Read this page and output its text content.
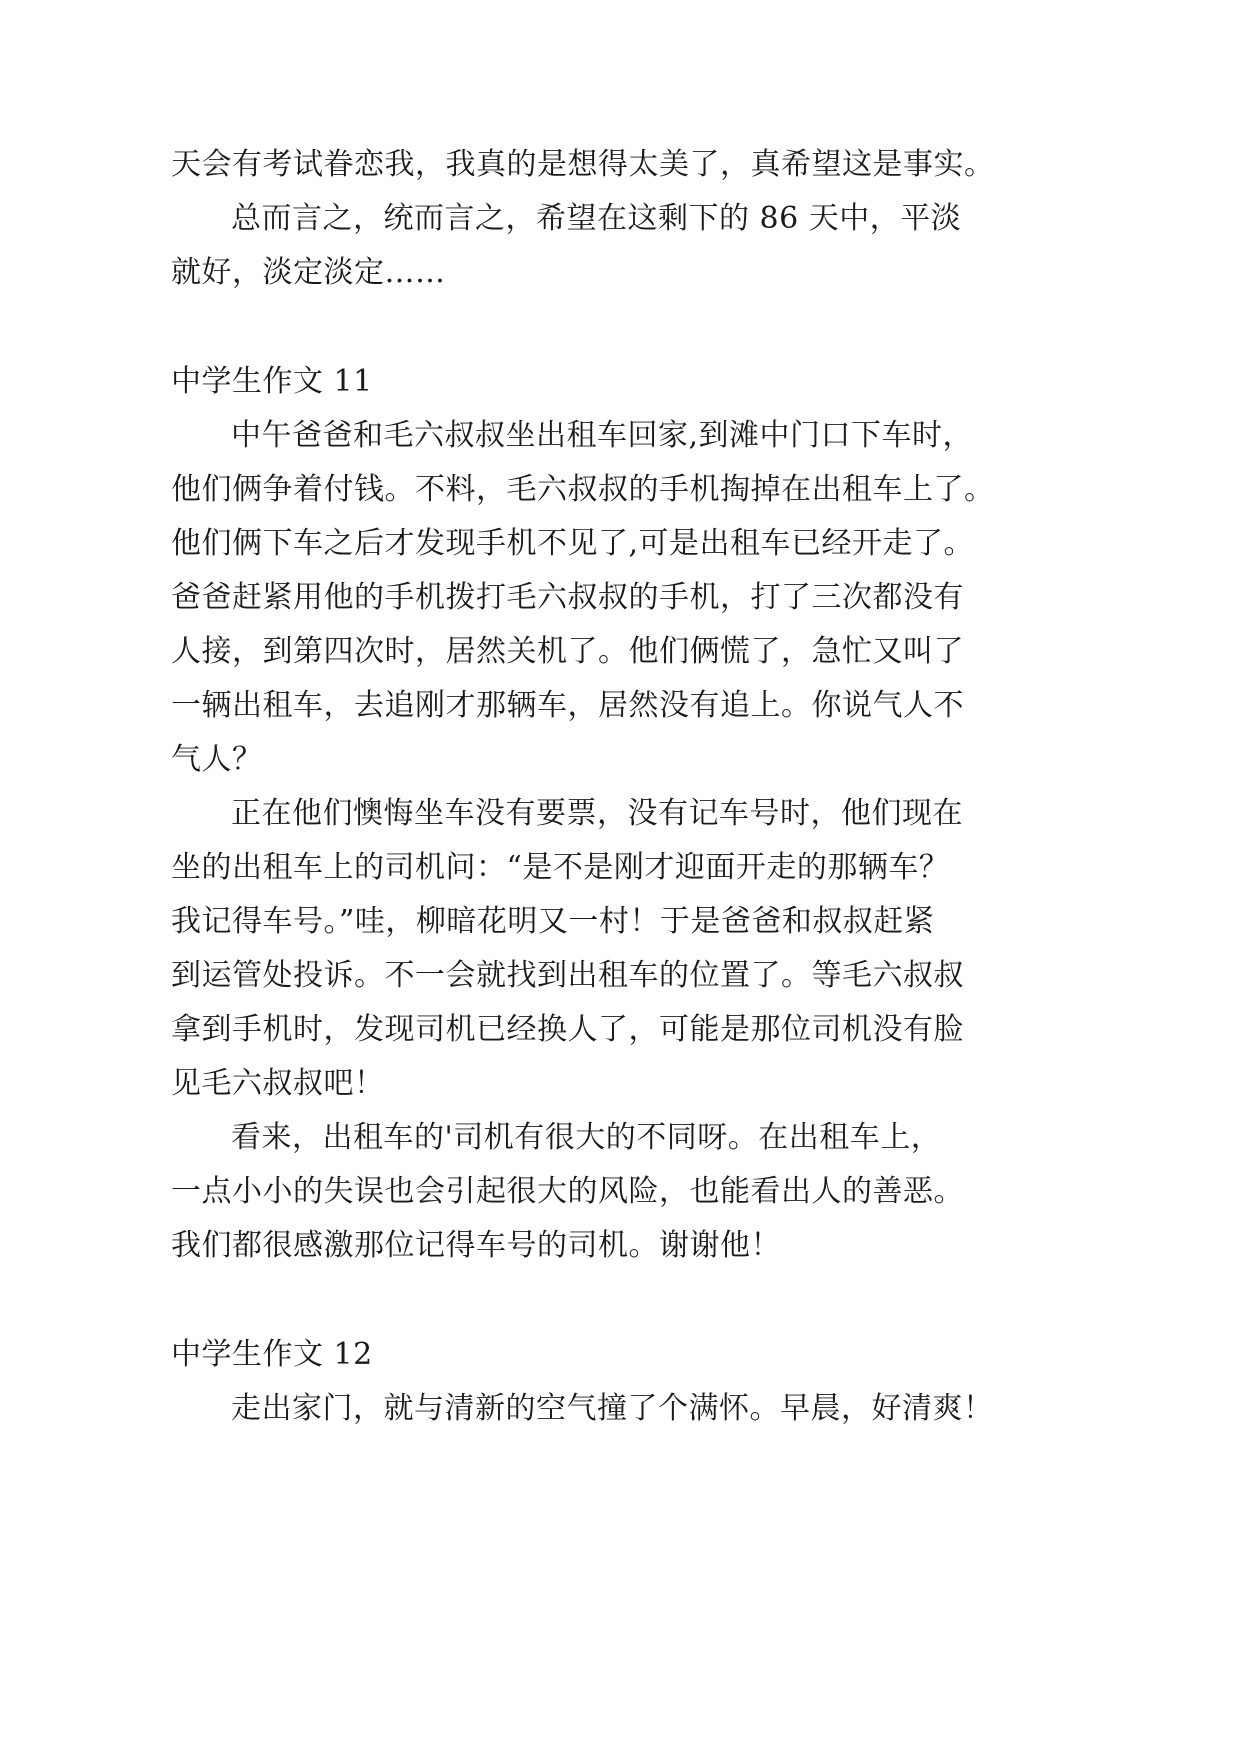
天会有考试眷恋我，我真的是想得太美了，真希望这是事实。
总而言之，统而言之，希望在这剩下的 86 天中，平淡
就好，淡定淡定……
中学生作文 11
中午爸爸和毛六叔叔坐出租车回家,到滩中门口下车时，
他们俩争着付钱。不料，毛六叔叔的手机掏掉在出租车上了。
他们俩下车之后才发现手机不见了,可是出租车已经开走了。
爸爸赶紧用他的手机拨打毛六叔叔的手机，打了三次都没有
人接，到第四次时，居然关机了。他们俩慌了，急忙又叫了
一辆出租车，去追刚才那辆车，居然没有追上。你说气人不
气人？
正在他们懊悔坐车没有要票，没有记车号时，他们现在
坐的出租车上的司机问：“是不是刚才迎面开走的那辆车？
我记得车号。”哇，柳暗花明又一村！于是爸爸和叔叔赶紧
到运管处投诉。不一会就找到出租车的位置了。等毛六叔叔
拿到手机时，发现司机已经换人了，可能是那位司机没有脸
见毛六叔叔吧！
看来，出租车的'司机有很大的不同呀。在出租车上，
一点小小的失误也会引起很大的风险，也能看出人的善恶。
我们都很感激那位记得车号的司机。谢谢他！
中学生作文 12
走出家门，就与清新的空气撞了个满怀。早晨，好清爽！
